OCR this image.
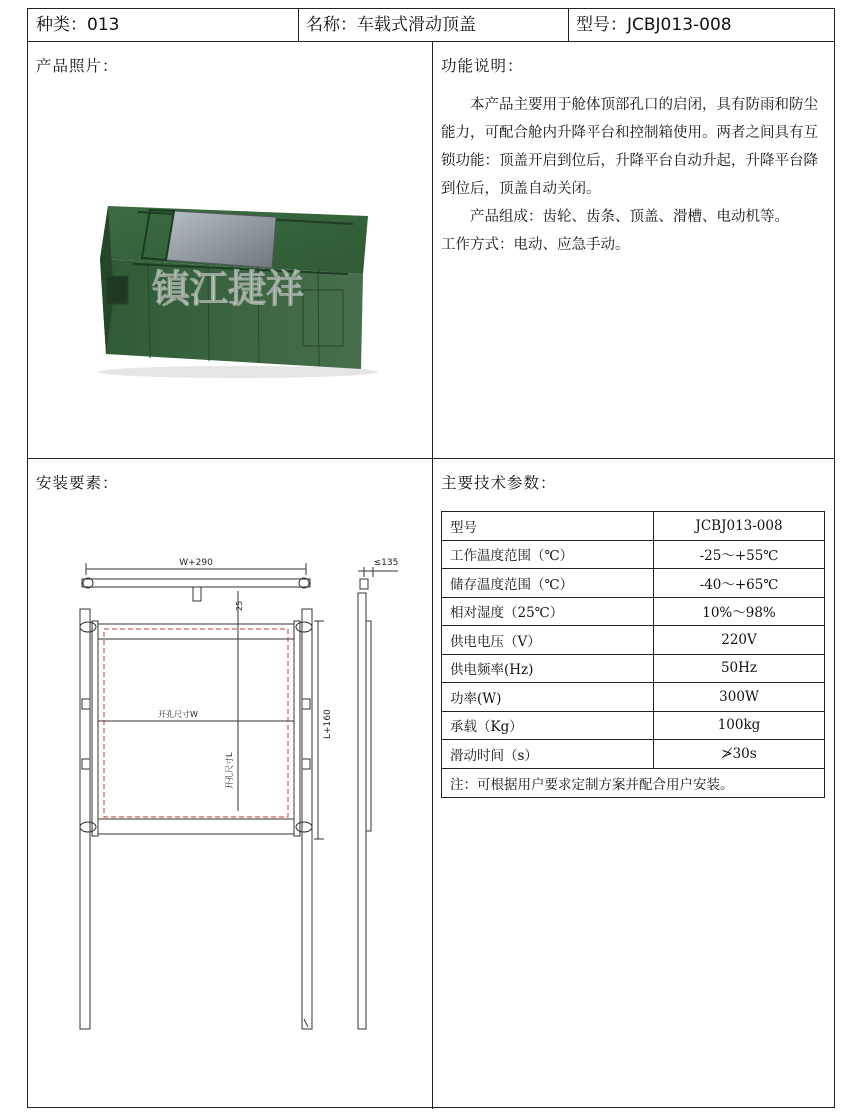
种类：013	名称：车载式滑动顶盖	型号：JCBJ013-008
产品照片：	功能说明：
安装要素：	主要技术参数：
镇江捷祥

本产品主要用于舱体顶部孔口的启闭，具有防雨和防尘能力，可配合舱内升降平台和控制箱使用。两者之间具有互锁功能：顶盖开启到位后，升降平台自动升起，升降平台降到位后，顶盖自动关闭。

产品组成：齿轮、齿条、顶盖、滑槽、电动机等。

工作方式：电动、应急手动。

W+290	≤135
25
L+160
开孔尺寸W
开孔尺寸L
型号	JCBJ013-008
工作温度范围（℃）	-25～+55℃
储存温度范围（℃）	-40～+65℃
相对湿度（25℃）	10%～98%
供电电压（V）	220V
供电频率(Hz)	50Hz
功率(W)	300W
承载（Kg）	100kg
滑动时间（s）	≯30s
注：可根据用户要求定制方案并配合用户安装。	
